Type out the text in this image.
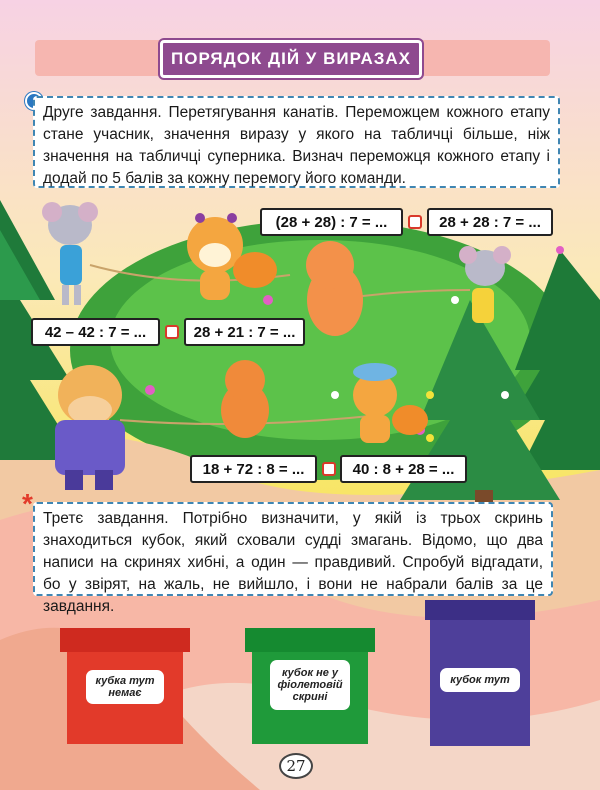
ПОРЯДОК ДІЙ У ВИРАЗАХ
Друге завдання. Перетягування канатів. Переможцем кожного етапу стане учасник, значення виразу у якого на табличці більше, ніж значення на табличці суперника. Визнач переможця кожного етапу і додай по 5 балів за кожну перемогу його команди.
(28 + 28) : 7 = ...	28 + 28 : 7 = ...
42 – 42 : 7 = ...	28 + 21 : 7 = ...
18 + 72 : 8 = ...	40 : 8 + 28 = ...
* Третє завдання. Потрібно визначити, у якій із трьох скринь знаходиться кубок, який сховали судді змагань. Відомо, що два написи на скринях хибні, а один — правдивий. Спробуй відгадати, бо у звірят, на жаль, не вийшло, і вони не набрали балів за це завдання.
кубка тут немає
кубок не у фіолетовій скрині
кубок тут
27
